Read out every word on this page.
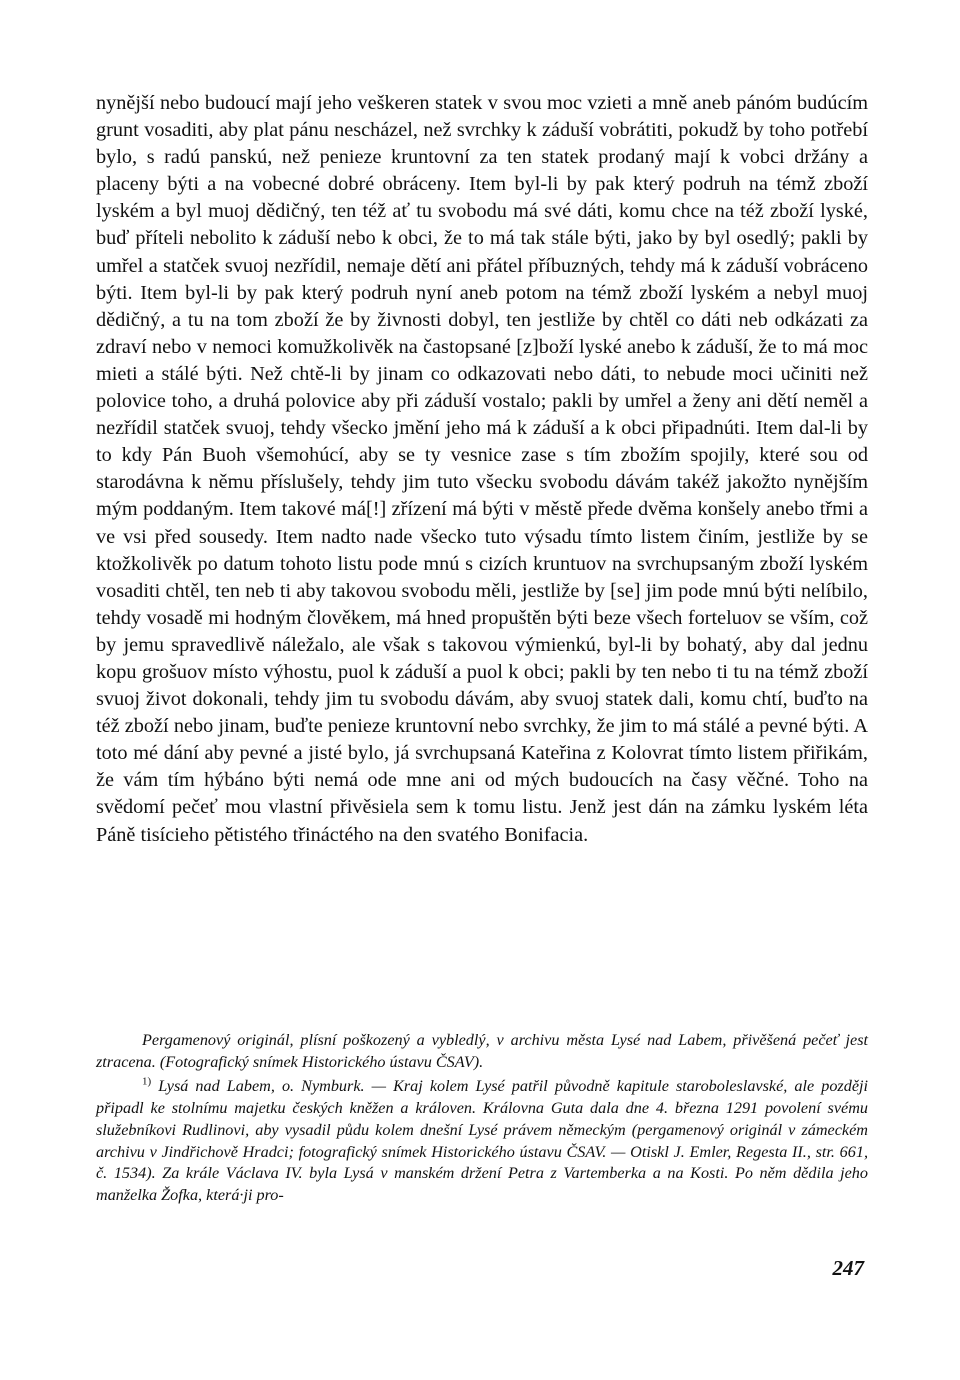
nynější nebo budoucí mají jeho veškeren statek v svou moc vzieti a mně aneb pánóm budúcím grunt vosaditi, aby plat pánu nescházel, než svrchky k záduší vobrátiti, pokudž by toho potřebí bylo, s radú panskú, než penieze kruntovní za ten statek prodaný mají k vobci držány a placeny býti a na vobecné dobré obráceny. Item byl-li by pak který podruh na témž zboží lyském a byl muoj dědičný, ten též ať tu svobodu má své dáti, komu chce na též zboží lyské, buď příteli nebolito k záduší nebo k obci, že to má tak stále býti, jako by byl osedlý; pakli by umřel a statček svuoj nezřídil, nemaje dětí ani přátel příbuzných, tehdy má k záduší vobráceno býti. Item byl-li by pak který podruh nyní aneb potom na témž zboží lyském a nebyl muoj dědičný, a tu na tom zboží že by živnosti dobyl, ten jestliže by chtěl co dáti neb odkázati za zdraví nebo v nemoci komužkolivěk na častopsané [z]boží lyské anebo k záduší, že to má moc mieti a stálé býti. Než chtě-li by jinam co odkazovati nebo dáti, to nebude moci učiniti než polovice toho, a druhá polovice aby při záduší vostalo; pakli by umřel a ženy ani dětí neměl a nezřídil statček svuoj, tehdy všecko jmění jeho má k záduší a k obci připadnúti. Item dal-li by to kdy Pán Buoh všemohúcí, aby se ty vesnice zase s tím zbožím spojily, které sou od starodávna k němu příslušely, tehdy jim tuto všecku svobodu dávám takéž jakožto nynějším mým poddaným. Item takové má[!] zřízení má býti v městě přede dvěma konšely anebo třmi a ve vsi před sousedy. Item nadto nade všecko tuto výsadu tímto listem činím, jestliže by se ktožkolivěk po datum tohoto listu pode mnú s cizích kruntuov na svrchupsaným zboží lyském vosaditi chtěl, ten neb ti aby takovou svobodu měli, jestliže by [se] jim pode mnú býti nelíbilo, tehdy vosadě mi hodným člověkem, má hned propuštěn býti beze všech forteluov se vším, což by jemu spravedlivě náležalo, ale však s takovou výmienkú, byl-li by bohatý, aby dal jednu kopu grošuov místo výhostu, puol k záduší a puol k obci; pakli by ten nebo ti tu na témž zboží svuoj život dokonali, tehdy jim tu svobodu dávám, aby svuoj statek dali, komu chtí, buďto na též zboží nebo jinam, buďte penieze kruntovní nebo svrchky, že jim to má stálé a pevné býti. A toto mé dání aby pevné a jisté bylo, já svrchupsaná Kateřina z Kolovrat tímto listem přiřikám, že vám tím hýbáno býti nemá ode mne ani od mých budoucích na časy věčné. Toho na svědomí pečeť mou vlastní přivěsiela sem k tomu listu. Jenž jest dán na zámku lyském léta Páně tisícieho pětistého třináctého na den svatého Bonifacia.

Pergamenový originál, plísní poškozený a vybledlý, v archivu města Lysé nad Labem, přivěšená pečeť jest ztracena. (Fotografický snímek Historického ústavu ČSAV).

$^{1)}$ Lysá nad Labem, o. Nymburk. — Kraj kolem Lysé patřil původně kapitule staroboleslavské, ale později připadl ke stolnímu majetku českých kněžen a královen. Královna Guta dala dne 4. března 1291 povolení svému služebníkovi Rudlinovi, aby vysadil půdu kolem dnešní Lysé právem německým (pergamenový originál v zámeckém archivu v Jindřichově Hradci; fotografický snímek Historického ústavu ČSAV. — Otiskl J. Emler, Regesta II., str. 661, č. 1534). Za krále Václava IV. byla Lysá v manském držení Petra z Vartemberka a na Kosti. Po něm dědila jeho manželka Žofka, která·ji pro-

247
